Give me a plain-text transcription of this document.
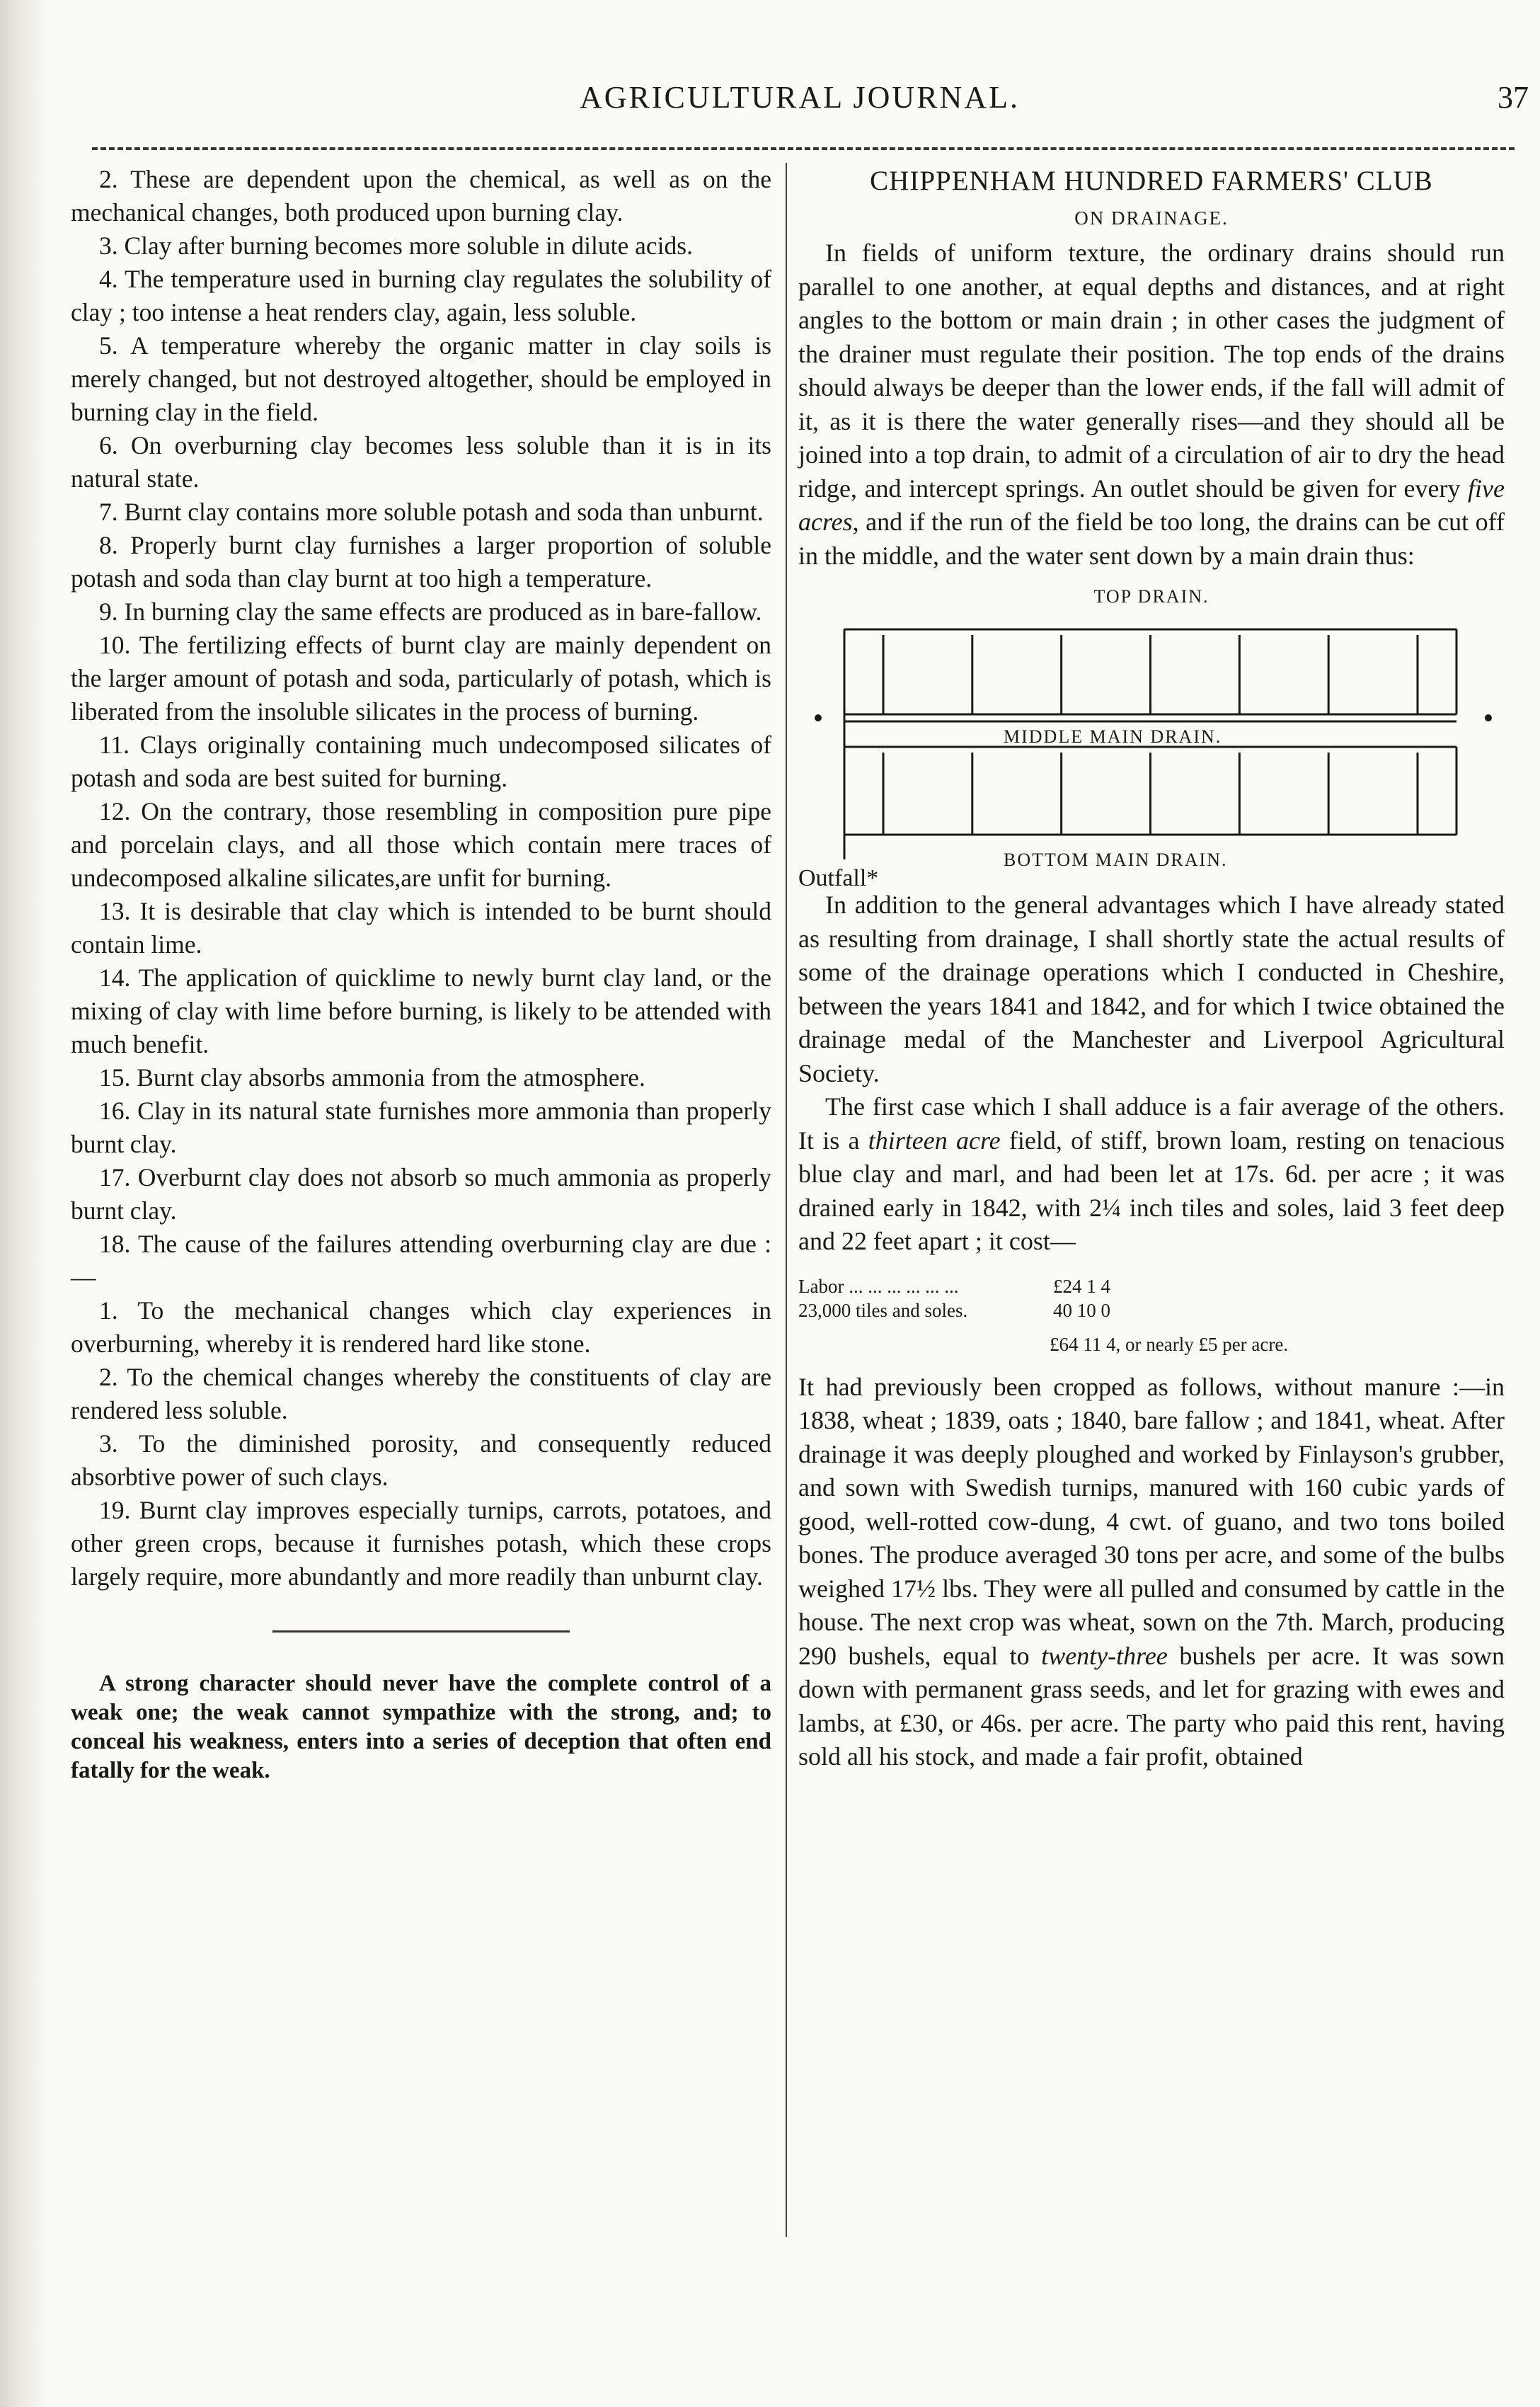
AGRICULTURAL JOURNAL.	37

2. These are dependent upon the chemical, as well as on the mechanical changes, both produced upon burning clay.

3. Clay after burning becomes more soluble in dilute acids.

4. The temperature used in burning clay regulates the solubility of clay ; too intense a heat renders clay, again, less soluble.

5. A temperature whereby the organic matter in clay soils is merely changed, but not destroyed altogether, should be employed in burning clay in the field.

6. On overburning clay becomes less soluble than it is in its natural state.

7. Burnt clay contains more soluble potash and soda than unburnt.

8. Properly burnt clay furnishes a larger proportion of soluble potash and soda than clay burnt at too high a temperature.

9. In burning clay the same effects are produced as in bare-fallow.

10. The fertilizing effects of burnt clay are mainly dependent on the larger amount of potash and soda, particularly of potash, which is liberated from the insoluble silicates in the process of burning.

11. Clays originally containing much undecomposed silicates of potash and soda are best suited for burning.

12. On the contrary, those resembling in composition pure pipe and porcelain clays, and all those which contain mere traces of undecomposed alkaline silicates,are unfit for burning.

13. It is desirable that clay which is intended to be burnt should contain lime.

14. The application of quicklime to newly burnt clay land, or the mixing of clay with lime before burning, is likely to be attended with much benefit.

15. Burnt clay absorbs ammonia from the atmosphere.

16. Clay in its natural state furnishes more ammonia than properly burnt clay.

17. Overburnt clay does not absorb so much ammonia as properly burnt clay.

18. The cause of the failures attending overburning clay are due :—

1. To the mechanical changes which clay experiences in overburning, whereby it is rendered hard like stone.

2. To the chemical changes whereby the constituents of clay are rendered less soluble.

3. To the diminished porosity, and consequently reduced absorbtive power of such clays.

19. Burnt clay improves especially turnips, carrots, potatoes, and other green crops, because it furnishes potash, which these crops largely require, more abundantly and more readily than unburnt clay.

A strong character should never have the complete control of a weak one; the weak cannot sympathize with the strong, and; to conceal his weakness, enters into a series of deception that often end fatally for the weak.

CHIPPENHAM HUNDRED FARMERS' CLUB
ON DRAINAGE.

In fields of uniform texture, the ordinary drains should run parallel to one another, at equal depths and distances, and at right angles to the bottom or main drain ; in other cases the judgment of the drainer must regulate their position. The top ends of the drains should always be deeper than the lower ends, if the fall will admit of it, as it is there the water generally rises—and they should all be joined into a top drain, to admit of a circulation of air to dry the head ridge, and intercept springs. An outlet should be given for every five acres, and if the run of the field be too long, the drains can be cut off in the middle, and the water sent down by a main drain thus:

TOP DRAIN.
MIDDLE MAIN DRAIN.
BOTTOM MAIN DRAIN.
Outfall*

In addition to the general advantages which I have already stated as resulting from drainage, I shall shortly state the actual results of some of the drainage operations which I conducted in Cheshire, between the years 1841 and 1842, and for which I twice obtained the drainage medal of the Manchester and Liverpool Agricultural Society.

The first case which I shall adduce is a fair average of the others. It is a thirteen acre field, of stiff, brown loam, resting on tenacious blue clay and marl, and had been let at 17s. 6d. per acre ; it was drained early in 1842, with 2¼ inch tiles and soles, laid 3 feet deep and 22 feet apart ; it cost—

Labor ... ... ... ... ... ...	£24 1 4
23,000 tiles and soles.	40 10 0
£64 11 4, or nearly £5 per acre.

It had previously been cropped as follows, without manure :—in 1838, wheat ; 1839, oats ; 1840, bare fallow ; and 1841, wheat. After drainage it was deeply ploughed and worked by Finlayson's grubber, and sown with Swedish turnips, manured with 160 cubic yards of good, well-rotted cow-dung, 4 cwt. of guano, and two tons boiled bones. The produce averaged 30 tons per acre, and some of the bulbs weighed 17½ lbs. They were all pulled and consumed by cattle in the house. The next crop was wheat, sown on the 7th. March, producing 290 bushels, equal to twenty-three bushels per acre. It was sown down with permanent grass seeds, and let for grazing with ewes and lambs, at £30, or 46s. per acre. The party who paid this rent, having sold all his stock, and made a fair profit, obtained
